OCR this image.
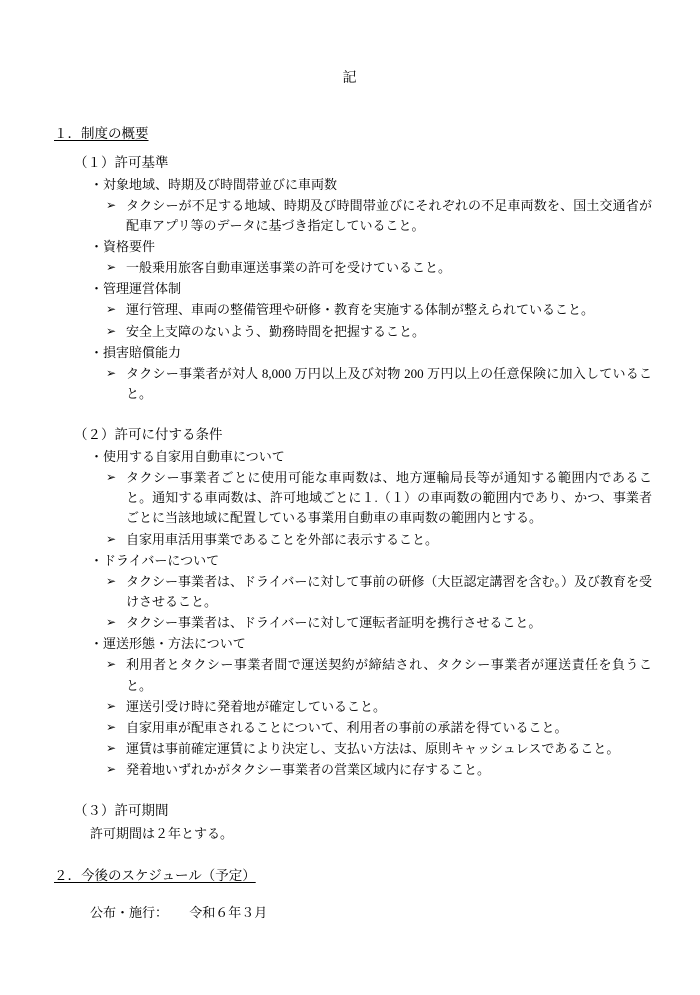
記
１．制度の概要
（１）許可基準
・対象地域、時期及び時間帯並びに車両数
➢ タクシーが不足する地域、時期及び時間帯並びにそれぞれの不足車両数を、国土交通省が配車アプリ等のデータに基づき指定していること。
・資格要件
➢ 一般乗用旅客自動車運送事業の許可を受けていること。
・管理運営体制
➢ 運行管理、車両の整備管理や研修・教育を実施する体制が整えられていること。
➢ 安全上支障のないよう、勤務時間を把握すること。
・損害賠償能力
➢ タクシー事業者が対人 8,000 万円以上及び対物 200 万円以上の任意保険に加入していること。
（２）許可に付する条件
・使用する自家用自動車について
➢ タクシー事業者ごとに使用可能な車両数は、地方運輸局長等が通知する範囲内であること。通知する車両数は、許可地域ごとに１.（１）の車両数の範囲内であり、かつ、事業者ごとに当該地域に配置している事業用自動車の車両数の範囲内とする。
➢ 自家用車活用事業であることを外部に表示すること。
・ドライバーについて
➢ タクシー事業者は、ドライバーに対して事前の研修（大臣認定講習を含む。）及び教育を受けさせること。
➢ タクシー事業者は、ドライバーに対して運転者証明を携行させること。
・運送形態・方法について
➢ 利用者とタクシー事業者間で運送契約が締結され、タクシー事業者が運送責任を負うこと。
➢ 運送引受け時に発着地が確定していること。
➢ 自家用車が配車されることについて、利用者の事前の承諾を得ていること。
➢ 運賃は事前確定運賃により決定し、支払い方法は、原則キャッシュレスであること。
➢ 発着地いずれかがタクシー事業者の営業区域内に存すること。
（３）許可期間
許可期間は２年とする。
２．今後のスケジュール（予定）
公布・施行： 令和６年３月
